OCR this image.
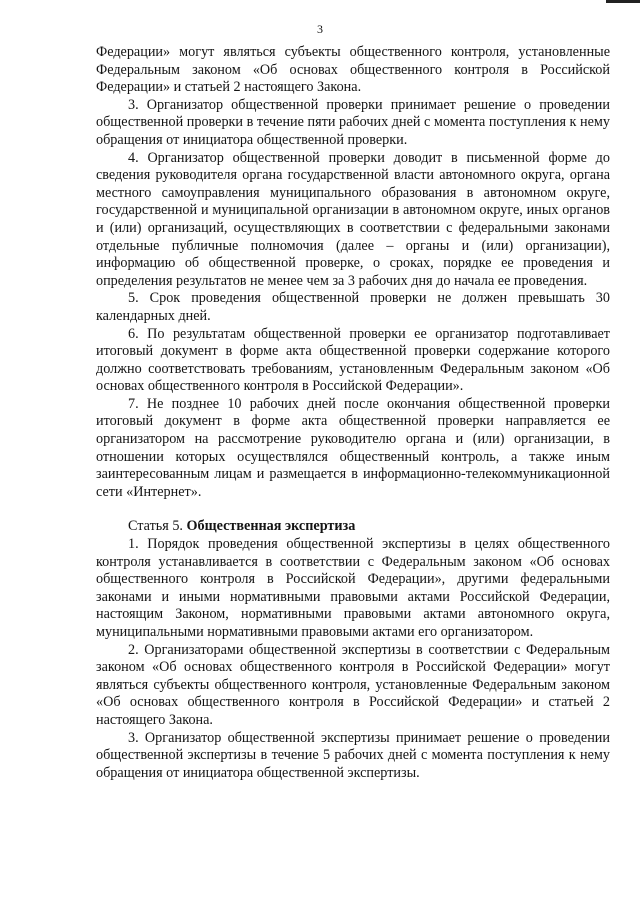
3

Федерации» могут являться субъекты общественного контроля, установленные Федеральным законом «Об основах общественного контроля в Российской Федерации» и статьей 2 настоящего Закона.

3. Организатор общественной проверки принимает решение о проведении общественной проверки в течение пяти рабочих дней с момента поступления к нему обращения от инициатора общественной проверки.

4. Организатор общественной проверки доводит в письменной форме до сведения руководителя органа государственной власти автономного округа, органа местного самоуправления муниципального образования в автономном округе, государственной и муниципальной организации в автономном округе, иных органов и (или) организаций, осуществляющих в соответствии с федеральными законами отдельные публичные полномочия (далее – органы и (или) организации), информацию об общественной проверке, о сроках, порядке ее проведения и определения результатов не менее чем за 3 рабочих дня до начала ее проведения.

5. Срок проведения общественной проверки не должен превышать 30 календарных дней.

6. По результатам общественной проверки ее организатор подготавливает итоговый документ в форме акта общественной проверки содержание которого должно соответствовать требованиям, установленным Федеральным законом «Об основах общественного контроля в Российской Федерации».

7. Не позднее 10 рабочих дней после окончания общественной проверки итоговый документ в форме акта общественной проверки направляется ее организатором на рассмотрение руководителю органа и (или) организации, в отношении которых осуществлялся общественный контроль, а также иным заинтересованным лицам и размещается в информационно-телекоммуникационной сети «Интернет».

Статья 5. Общественная экспертиза

1. Порядок проведения общественной экспертизы в целях общественного контроля устанавливается в соответствии с Федеральным законом «Об основах общественного контроля в Российской Федерации», другими федеральными законами и иными нормативными правовыми актами Российской Федерации, настоящим Законом, нормативными правовыми актами автономного округа, муниципальными нормативными правовыми актами его организатором.

2. Организаторами общественной экспертизы в соответствии с Федеральным законом «Об основах общественного контроля в Российской Федерации» могут являться субъекты общественного контроля, установленные Федеральным законом «Об основах общественного контроля в Российской Федерации» и статьей 2 настоящего Закона.

3. Организатор общественной экспертизы принимает решение о проведении общественной экспертизы в течение 5 рабочих дней с момента поступления к нему обращения от инициатора общественной экспертизы.
